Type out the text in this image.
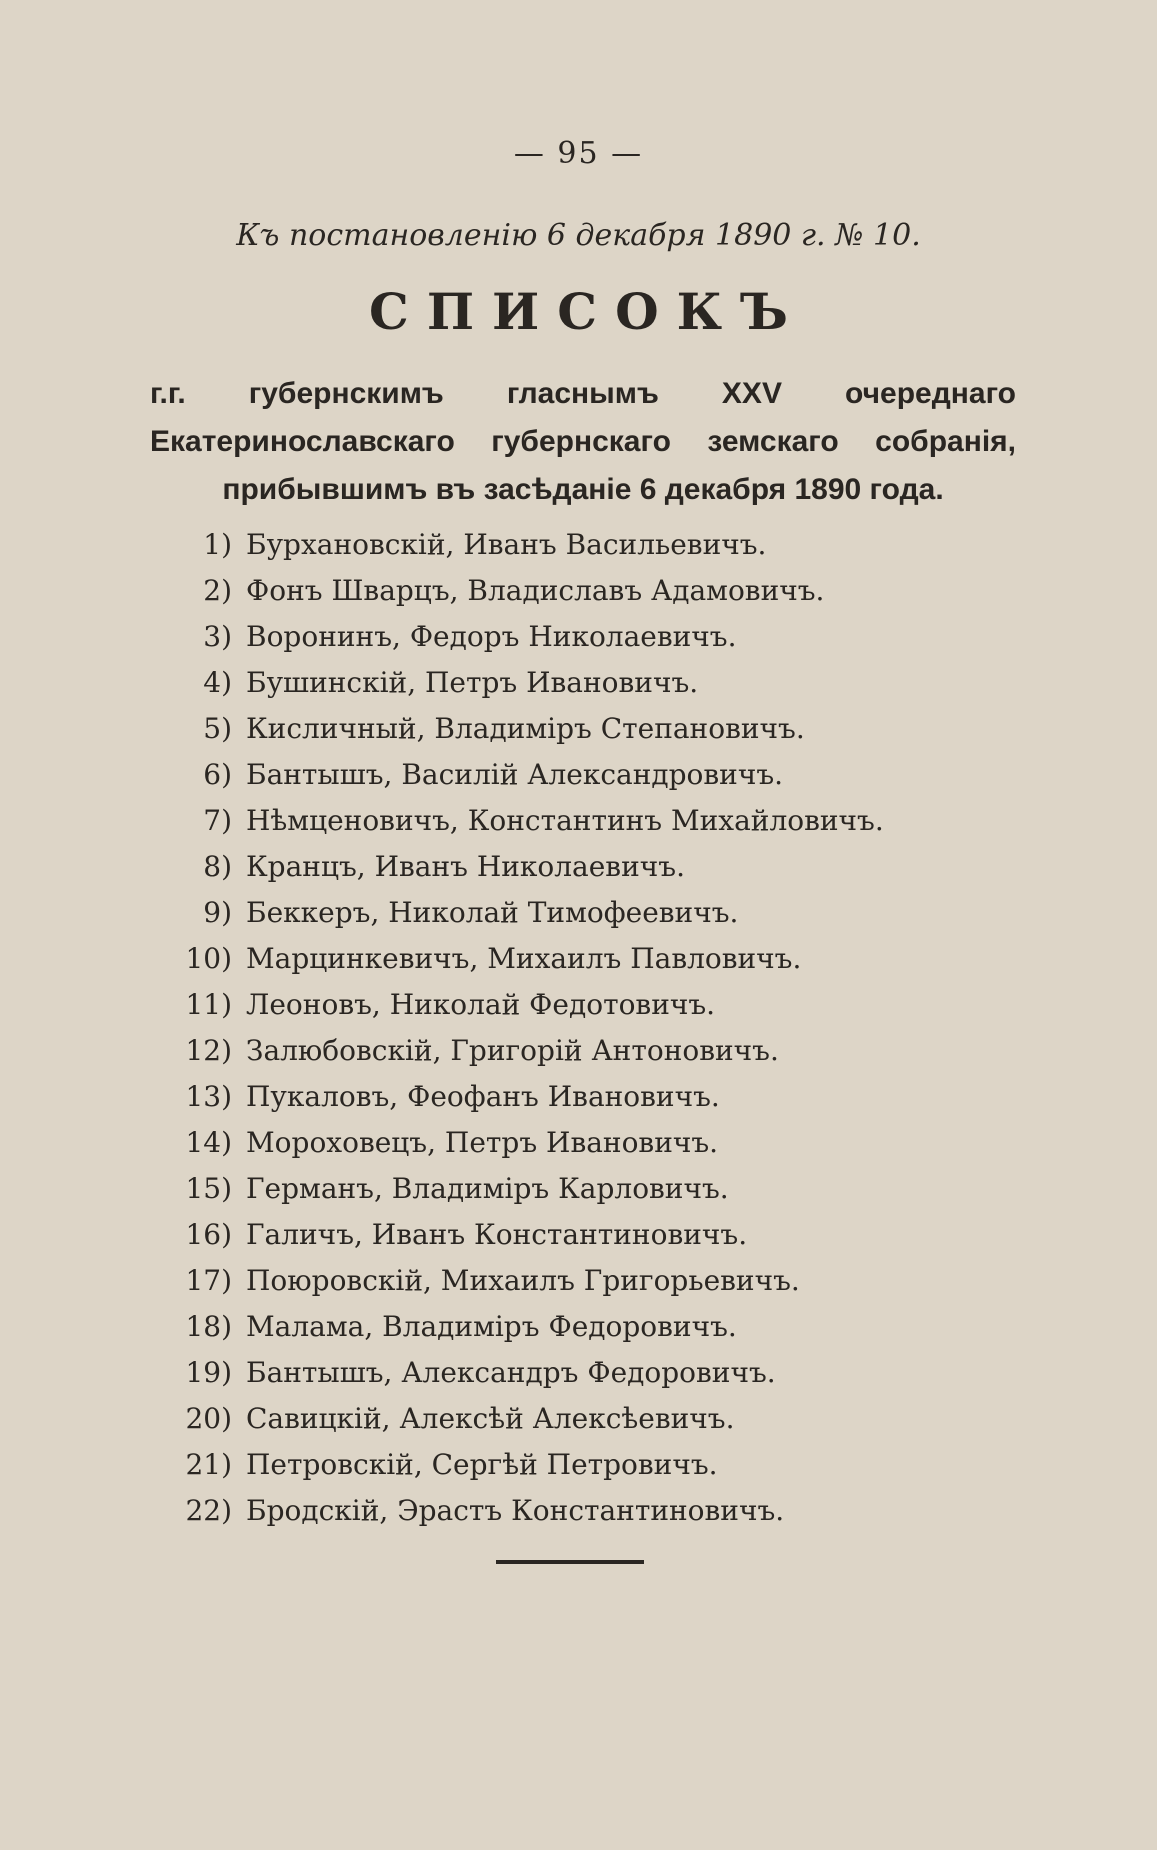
— 95 —
Къ постановленію 6 декабря 1890 г. № 10.
СПИСОКЪ
г.г. губернскимъ гласнымъ XXV очереднаго Екатеринославскаго губернскаго земскаго собранія, прибывшимъ въ засѣданіе 6 декабря 1890 года.
1) Бурхановскій, Иванъ Васильевичъ.
2) Фонъ Шварцъ, Владиславъ Адамовичъ.
3) Воронинъ, Федоръ Николаевичъ.
4) Бушинскій, Петръ Ивановичъ.
5) Кисличный, Владиміръ Степановичъ.
6) Бантышъ, Василій Александровичъ.
7) Нѣмценовичъ, Константинъ Михайловичъ.
8) Кранцъ, Иванъ Николаевичъ.
9) Беккеръ, Николай Тимофеевичъ.
10) Марцинкевичъ, Михаилъ Павловичъ.
11) Леоновъ, Николай Федотовичъ.
12) Залюбовскій, Григорій Антоновичъ.
13) Пукаловъ, Феофанъ Ивановичъ.
14) Мороховецъ, Петръ Ивановичъ.
15) Германъ, Владиміръ Карловичъ.
16) Галичъ, Иванъ Константиновичъ.
17) Поюровскій, Михаилъ Григорьевичъ.
18) Малама, Владиміръ Федоровичъ.
19) Бантышъ, Александръ Федоровичъ.
20) Савицкій, Алексѣй Алексѣевичъ.
21) Петровскій, Сергѣй Петровичъ.
22) Бродскій, Эрастъ Константиновичъ.
